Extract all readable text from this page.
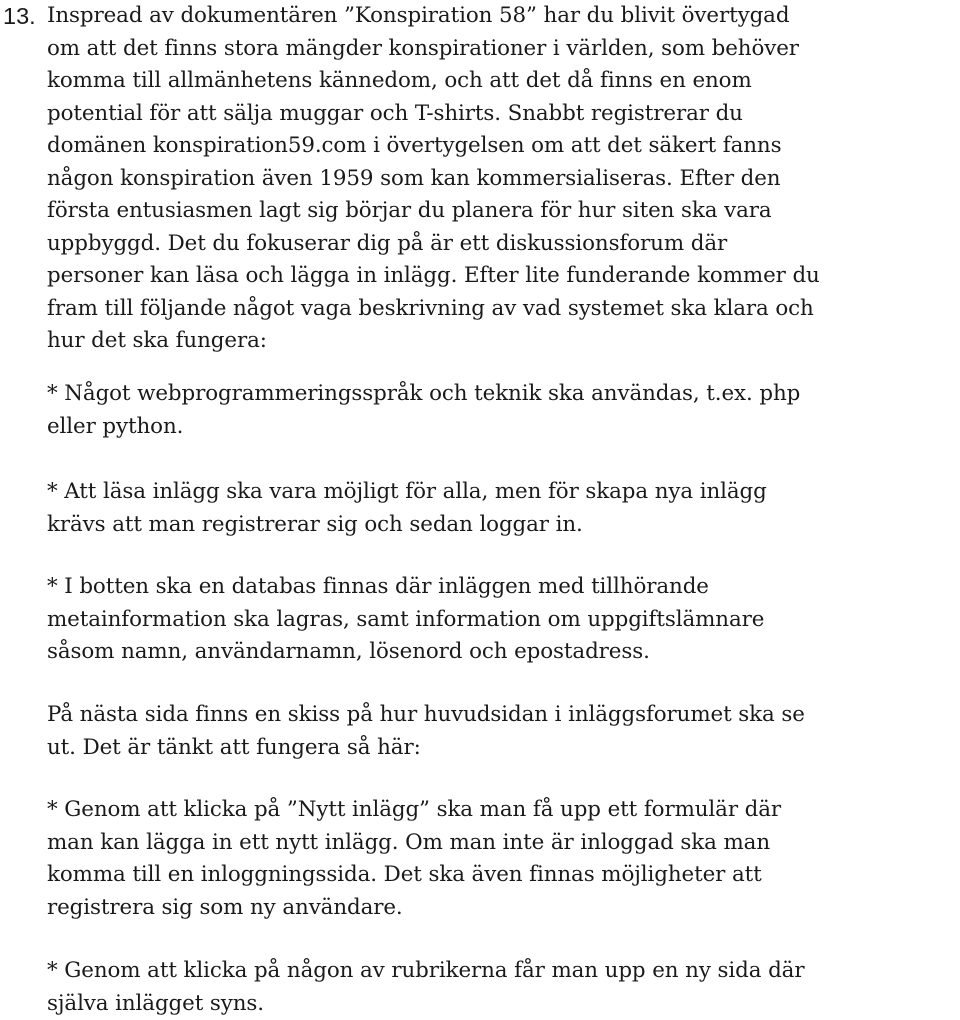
13. Inspread av dokumentären ”Konspiration 58” har du blivit övertygad
om att det finns stora mängder konspirationer i världen, som behöver
komma till allmänhetens kännedom, och att det då finns en enom
potential för att sälja muggar och T-shirts. Snabbt registrerar du
domänen konspiration59.com i övertygelsen om att det säkert fanns
någon konspiration även 1959 som kan kommersialiseras. Efter den
första entusiasmen lagt sig börjar du planera för hur siten ska vara
uppbyggd. Det du fokuserar dig på är ett diskussionsforum där
personer kan läsa och lägga in inlägg. Efter lite funderande kommer du
fram till följande något vaga beskrivning av vad systemet ska klara och
hur det ska fungera:

* Något webprogrammeringsspråk och teknik ska användas, t.ex. php
eller python.

* Att läsa inlägg ska vara möjligt för alla, men för skapa nya inlägg
krävs att man registrerar sig och sedan loggar in.

* I botten ska en databas finnas där inläggen med tillhörande
metainformation ska lagras, samt information om uppgiftslämnare
såsom namn, användarnamn, lösenord och epostadress.

På nästa sida finns en skiss på hur huvudsidan i inläggsforumet ska se
ut. Det är tänkt att fungera så här:

* Genom att klicka på ”Nytt inlägg” ska man få upp ett formulär där
man kan lägga in ett nytt inlägg. Om man inte är inloggad ska man
komma till en inloggningssida. Det ska även finnas möjligheter att
registrera sig som ny användare.

* Genom att klicka på någon av rubrikerna får man upp en ny sida där
själva inlägget syns.
